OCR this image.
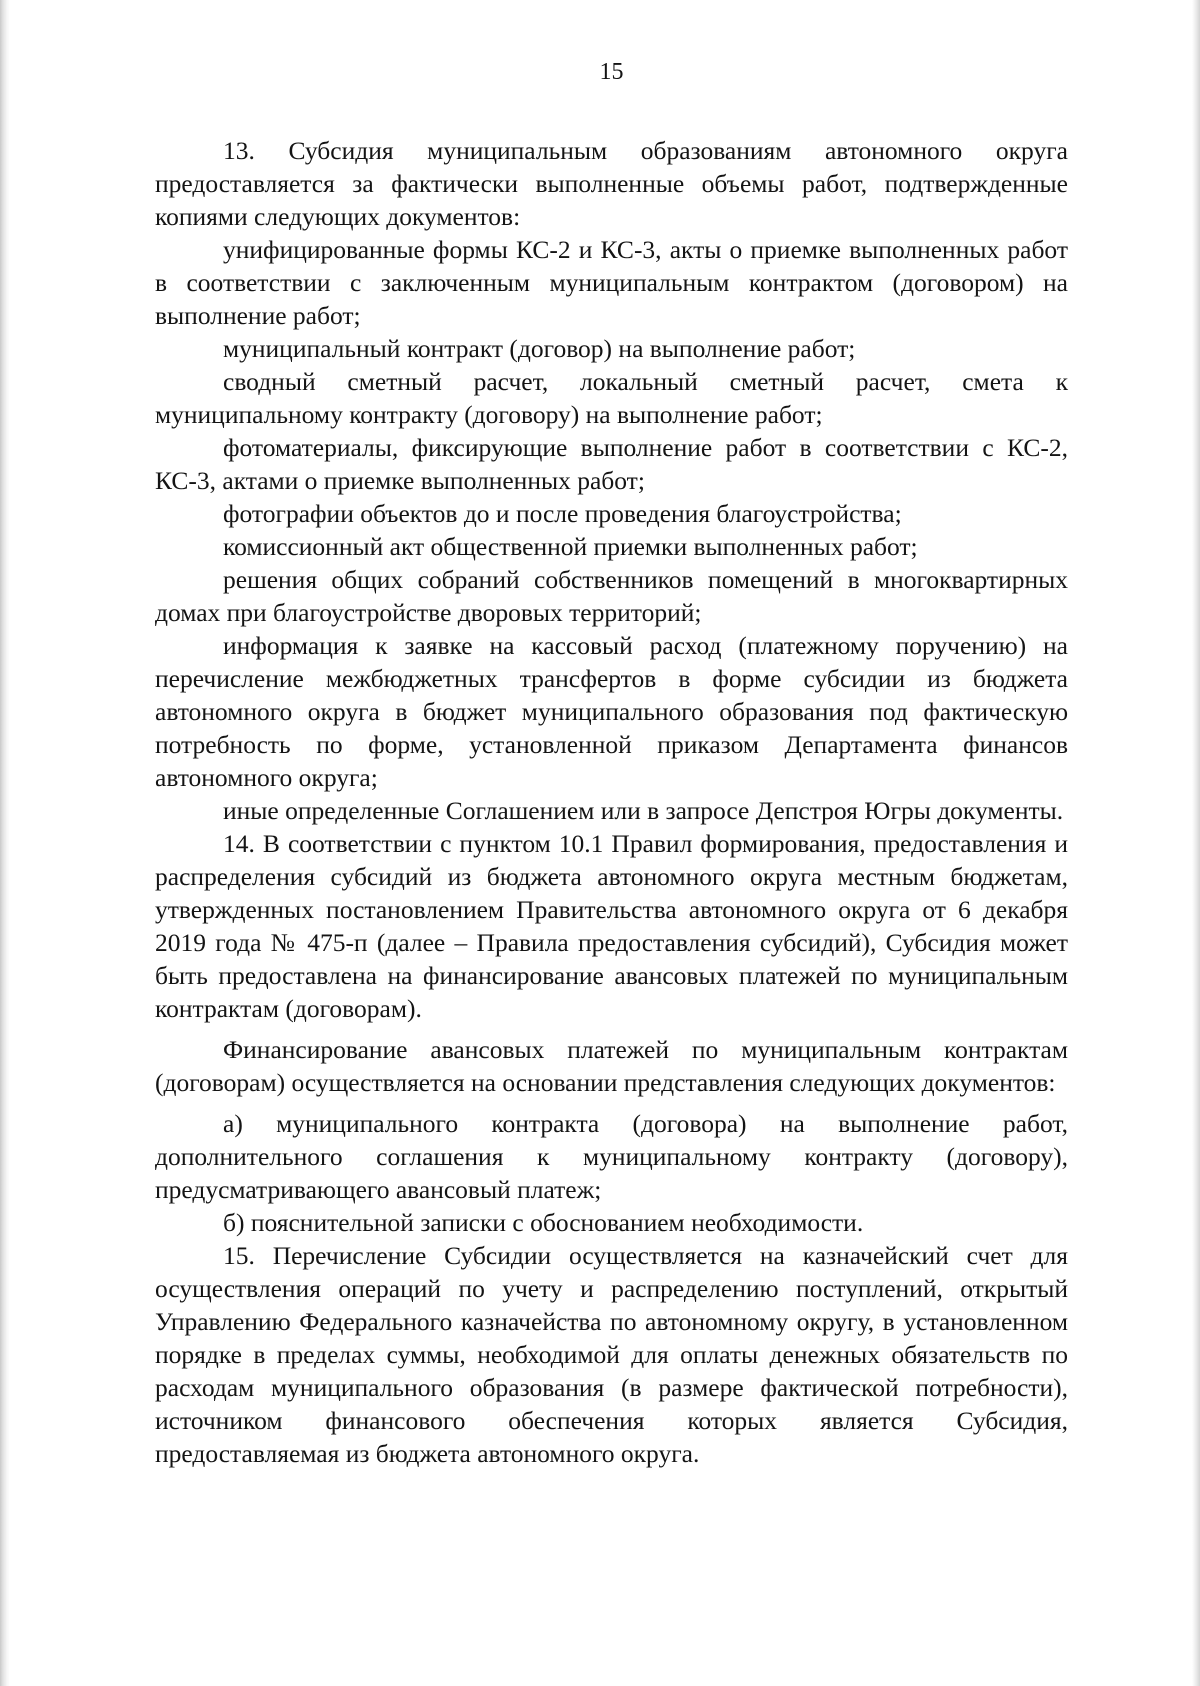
15

13. Субсидия муниципальным образованиям автономного округа предоставляется за фактически выполненные объемы работ, подтвержденные копиями следующих документов:

унифицированные формы КС-2 и КС-3, акты о приемке выполненных работ в соответствии с заключенным муниципальным контрактом (договором) на выполнение работ;

муниципальный контракт (договор) на выполнение работ;

сводный сметный расчет, локальный сметный расчет, смета к муниципальному контракту (договору) на выполнение работ;

фотоматериалы, фиксирующие выполнение работ в соответствии с КС-2, КС-3, актами о приемке выполненных работ;

фотографии объектов до и после проведения благоустройства;

комиссионный акт общественной приемки выполненных работ;

решения общих собраний собственников помещений в многоквартирных домах при благоустройстве дворовых территорий;

информация к заявке на кассовый расход (платежному поручению) на перечисление межбюджетных трансфертов в форме субсидии из бюджета автономного округа в бюджет муниципального образования под фактическую потребность по форме, установленной приказом Департамента финансов автономного округа;

иные определенные Соглашением или в запросе Депстроя Югры документы.

14. В соответствии с пунктом 10.1 Правил формирования, предоставления и распределения субсидий из бюджета автономного округа местным бюджетам, утвержденных постановлением Правительства автономного округа от 6 декабря 2019 года № 475-п (далее – Правила предоставления субсидий), Субсидия может быть предоставлена на финансирование авансовых платежей по муниципальным контрактам (договорам).

Финансирование авансовых платежей по муниципальным контрактам (договорам) осуществляется на основании представления следующих документов:

а) муниципального контракта (договора) на выполнение работ, дополнительного соглашения к муниципальному контракту (договору), предусматривающего авансовый платеж;

б) пояснительной записки с обоснованием необходимости.

15. Перечисление Субсидии осуществляется на казначейский счет для осуществления операций по учету и распределению поступлений, открытый Управлению Федерального казначейства по автономному округу, в установленном порядке в пределах суммы, необходимой для оплаты денежных обязательств по расходам муниципального образования (в размере фактической потребности), источником финансового обеспечения которых является Субсидия, предоставляемая из бюджета автономного округа.
